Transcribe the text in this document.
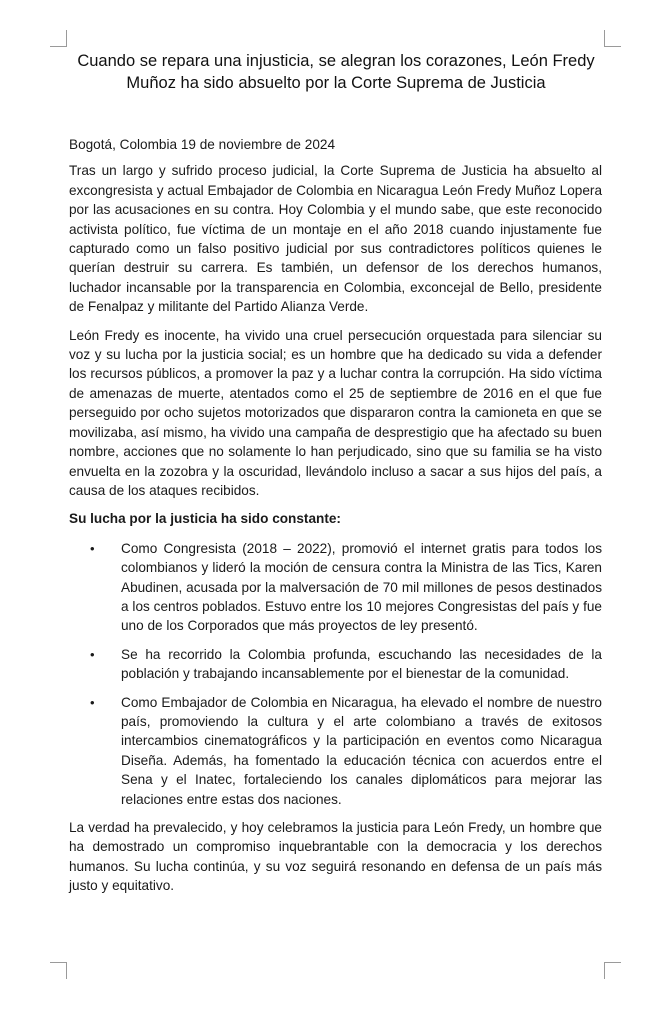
Cuando se repara una injusticia, se alegran los corazones, León Fredy Muñoz ha sido absuelto por la Corte Suprema de Justicia

Bogotá, Colombia 19 de noviembre de 2024

Tras un largo y sufrido proceso judicial, la Corte Suprema de Justicia ha absuelto al excongresista y actual Embajador de Colombia en Nicaragua León Fredy Muñoz Lopera por las acusaciones en su contra. Hoy Colombia y el mundo sabe, que este reconocido activista político, fue víctima de un montaje en el año 2018 cuando injustamente fue capturado como un falso positivo judicial por sus contradictores políticos quienes le querían destruir su carrera. Es también, un defensor de los derechos humanos, luchador incansable por la transparencia en Colombia, exconcejal de Bello, presidente de Fenalpaz y militante del Partido Alianza Verde.

León Fredy es inocente, ha vivido una cruel persecución orquestada para silenciar su voz y su lucha por la justicia social; es un hombre que ha dedicado su vida a defender los recursos públicos, a promover la paz y a luchar contra la corrupción. Ha sido víctima de amenazas de muerte, atentados como el 25 de septiembre de 2016 en el que fue perseguido por ocho sujetos motorizados que dispararon contra la camioneta en que se movilizaba, así mismo, ha vivido una campaña de desprestigio que ha afectado su buen nombre, acciones que no solamente lo han perjudicado, sino que su familia se ha visto envuelta en la zozobra y la oscuridad, llevándolo incluso a sacar a sus hijos del país, a causa de los ataques recibidos.

Su lucha por la justicia ha sido constante:

• Como Congresista (2018 – 2022), promovió el internet gratis para todos los colombianos y lideró la moción de censura contra la Ministra de las Tics, Karen Abudinen, acusada por la malversación de 70 mil millones de pesos destinados a los centros poblados. Estuvo entre los 10 mejores Congresistas del país y fue uno de los Corporados que más proyectos de ley presentó.
• Se ha recorrido la Colombia profunda, escuchando las necesidades de la población y trabajando incansablemente por el bienestar de la comunidad.
• Como Embajador de Colombia en Nicaragua, ha elevado el nombre de nuestro país, promoviendo la cultura y el arte colombiano a través de exitosos intercambios cinematográficos y la participación en eventos como Nicaragua Diseña. Además, ha fomentado la educación técnica con acuerdos entre el Sena y el Inatec, fortaleciendo los canales diplomáticos para mejorar las relaciones entre estas dos naciones.

La verdad ha prevalecido, y hoy celebramos la justicia para León Fredy, un hombre que ha demostrado un compromiso inquebrantable con la democracia y los derechos humanos. Su lucha continúa, y su voz seguirá resonando en defensa de un país más justo y equitativo.
